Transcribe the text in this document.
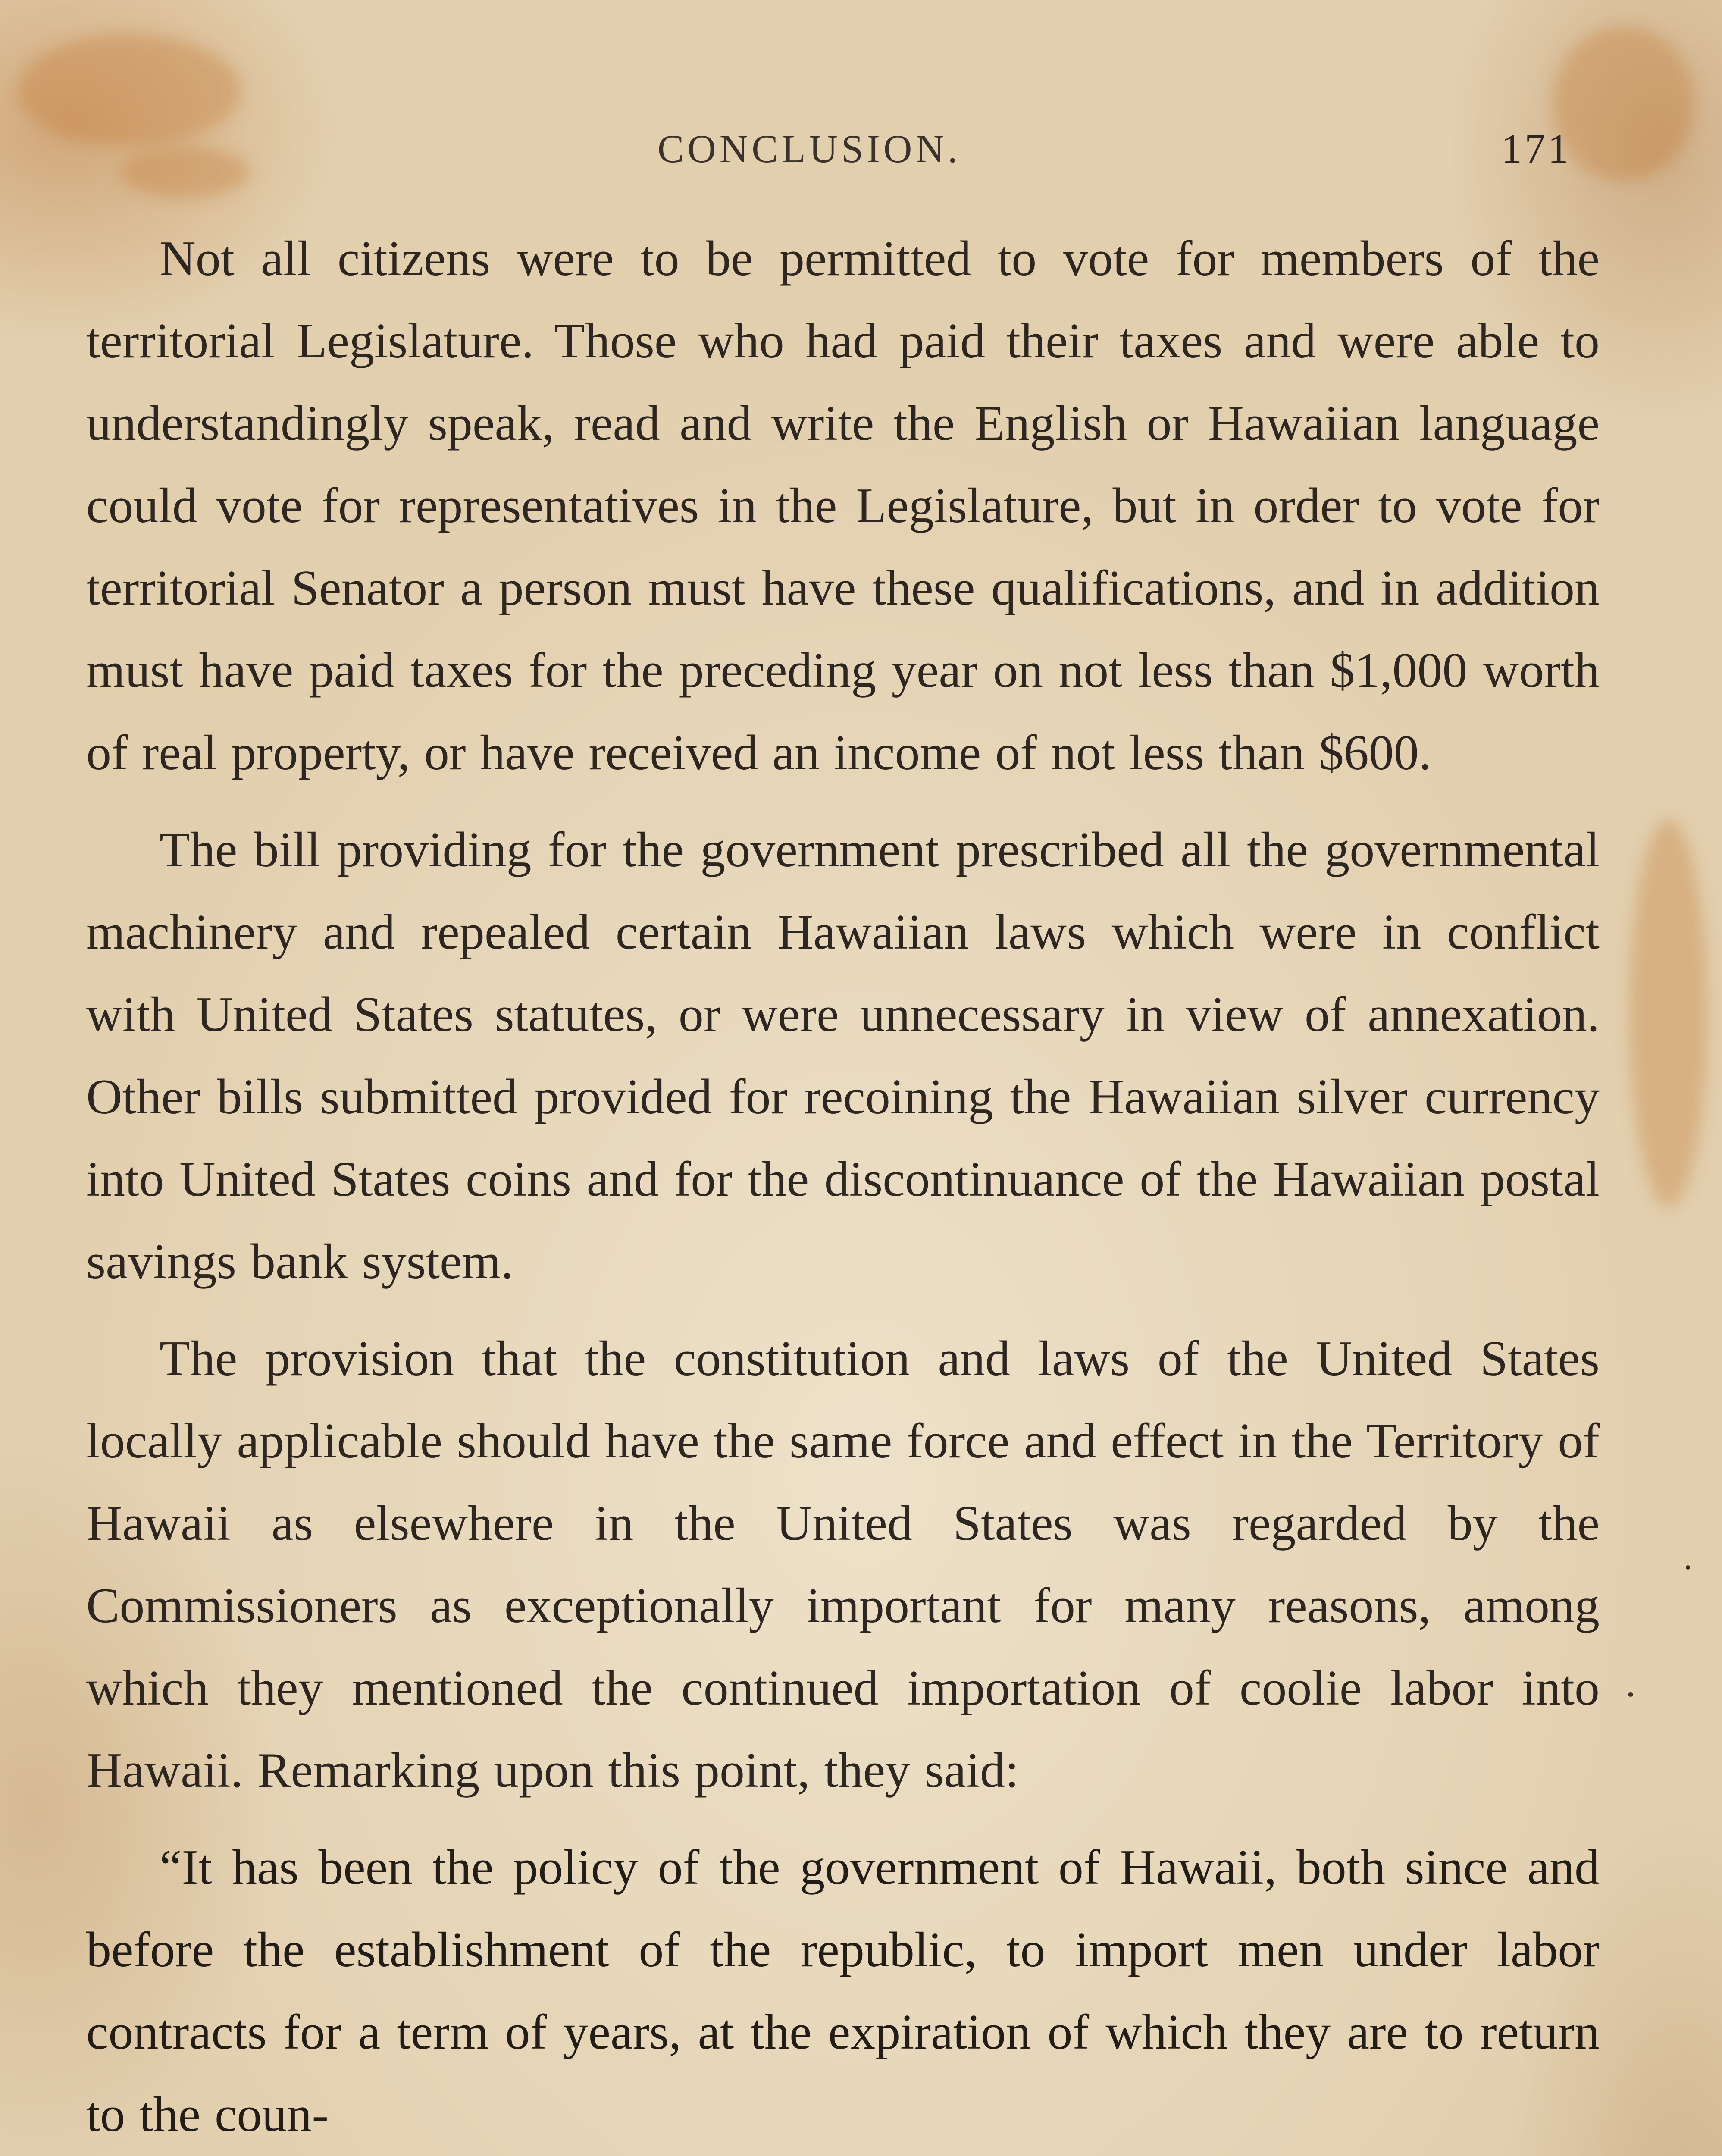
CONCLUSION.	171

Not all citizens were to be permitted to vote for members of the territorial Legislature. Those who had paid their taxes and were able to understandingly speak, read and write the English or Hawaiian language could vote for representatives in the Legislature, but in order to vote for territorial Senator a person must have these qualifications, and in addition must have paid taxes for the preceding year on not less than $1,000 worth of real property, or have received an income of not less than $600.

The bill providing for the government prescribed all the governmental machinery and repealed certain Hawaiian laws which were in conflict with United States statutes, or were unnecessary in view of annexation. Other bills submitted provided for recoining the Hawaiian silver currency into United States coins and for the discontinuance of the Hawaiian postal savings bank system.

The provision that the constitution and laws of the United States locally applicable should have the same force and effect in the Territory of Hawaii as elsewhere in the United States was regarded by the Commissioners as exceptionally important for many reasons, among which they mentioned the continued importation of coolie labor into Hawaii. Remarking upon this point, they said:

“It has been the policy of the government of Hawaii, both since and before the establishment of the republic, to import men under labor contracts for a term of years, at the expiration of which they are to return to the coun-
